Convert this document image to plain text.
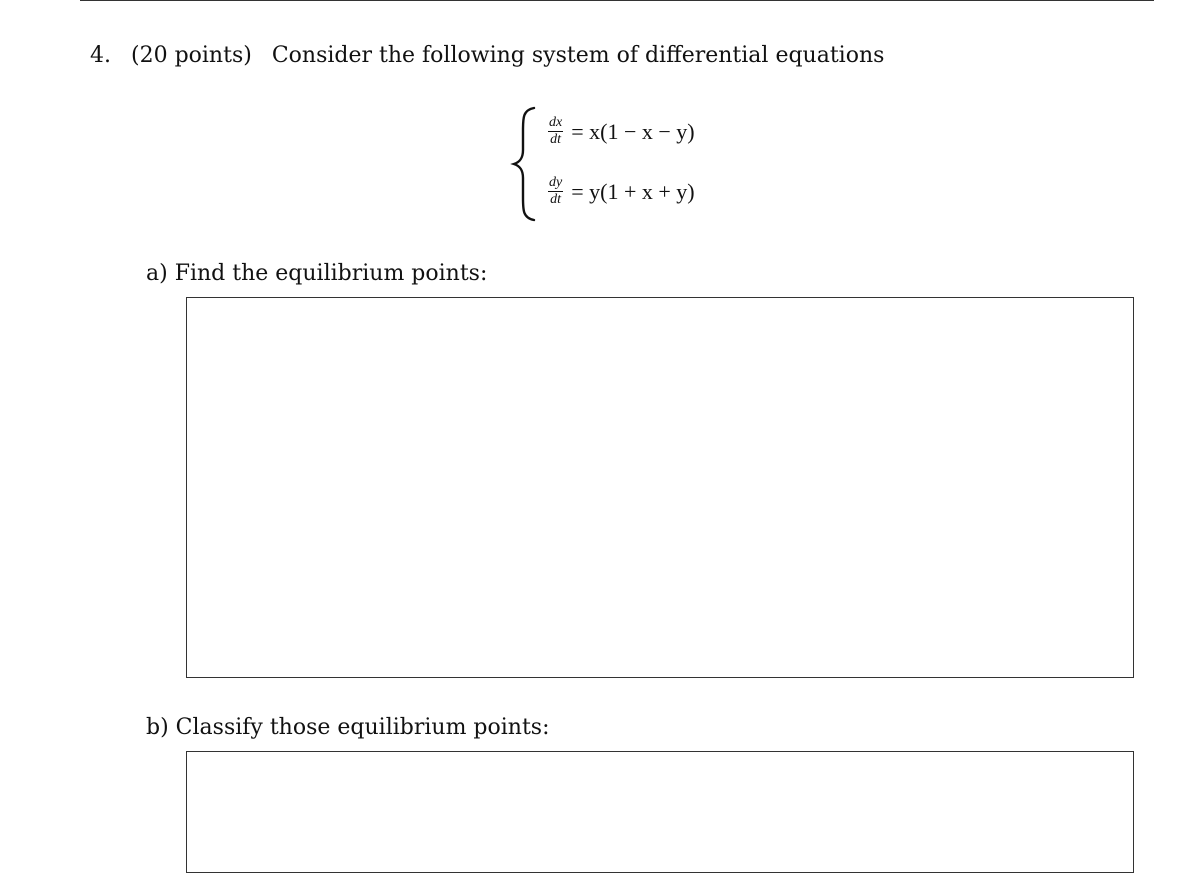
4. (20 points) Consider the following system of differential equations
$\frac{dx}{dt} = x(1 - x - y)$
$\frac{dy}{dt} = y(1 + x + y)$
a) Find the equilibrium points:
b) Classify those equilibrium points:
